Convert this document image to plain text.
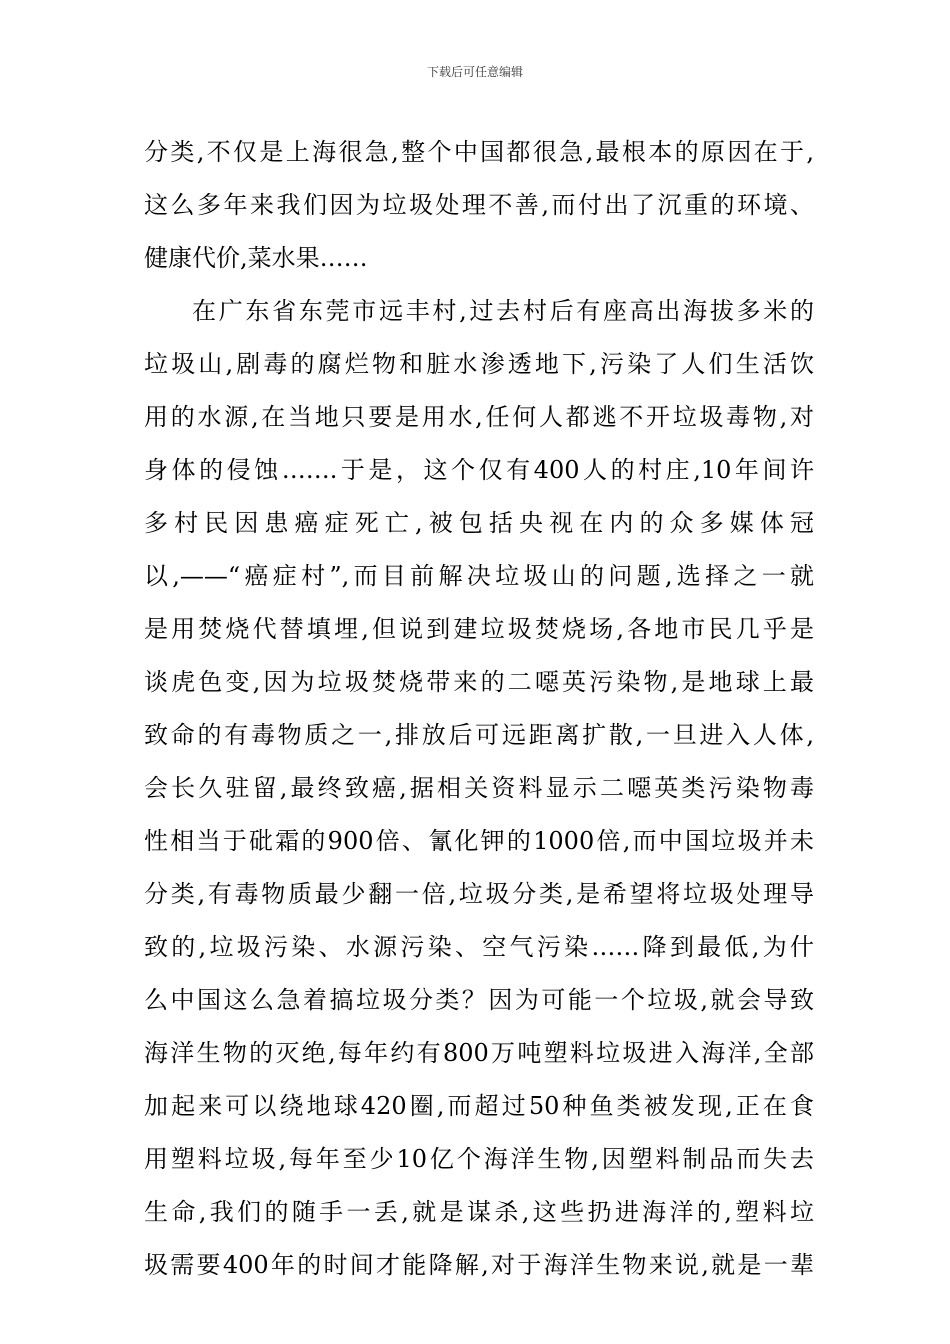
下载后可任意编辑
分类,不仅是上海很急,整个中国都很急,最根本的原因在于,
这么多年来我们因为垃圾处理不善,而付出了沉重的环境、
健康代价,菜水果……
在广东省东莞市远丰村,过去村后有座高出海拔多米的
垃圾山,剧毒的腐烂物和脏水渗透地下,污染了人们生活饮
用的水源,在当地只要是用水,任何人都逃不开垃圾毒物,对
身体的侵蚀…….于是，这个仅有400人的村庄,10年间许
多村民因患癌症死亡,被包括央视在内的众多媒体冠
以,——“癌症村”,而目前解决垃圾山的问题,选择之一就
是用焚烧代替填埋,但说到建垃圾焚烧场,各地市民几乎是
谈虎色变,因为垃圾焚烧带来的二噁英污染物,是地球上最
致命的有毒物质之一,排放后可远距离扩散,一旦进入人体,
会长久驻留,最终致癌,据相关资料显示二噁英类污染物毒
性相当于砒霜的900倍、氰化钾的1000倍,而中国垃圾并未
分类,有毒物质最少翻一倍,垃圾分类,是希望将垃圾处理导
致的,垃圾污染、水源污染、空气污染……降到最低,为什
么中国这么急着搞垃圾分类？因为可能一个垃圾,就会导致
海洋生物的灭绝,每年约有800万吨塑料垃圾进入海洋,全部
加起来可以绕地球420圈,而超过50种鱼类被发现,正在食
用塑料垃圾,每年至少10亿个海洋生物,因塑料制品而失去
生命,我们的随手一丢,就是谋杀,这些扔进海洋的,塑料垃
圾需要400年的时间才能降解,对于海洋生物来说,就是一辈
